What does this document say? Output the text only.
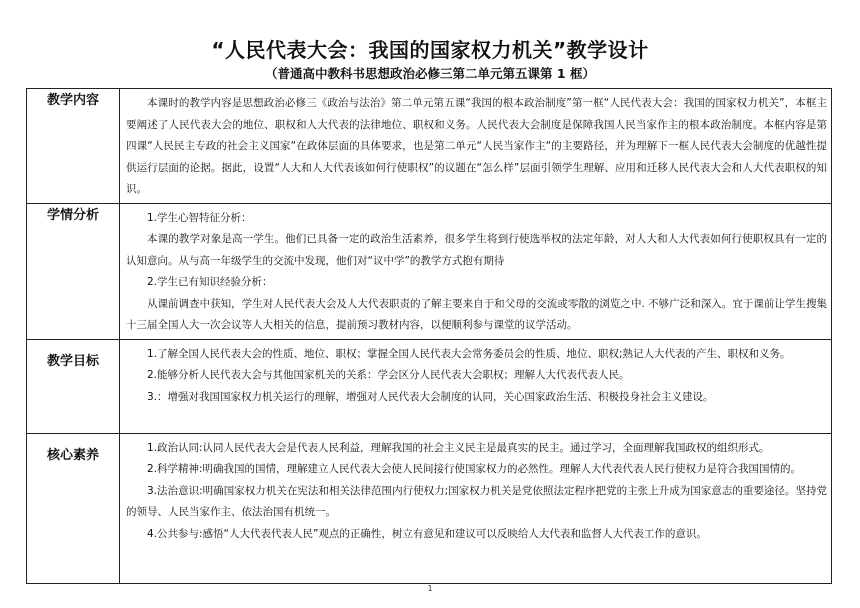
“人民代表大会：我国的国家权力机关”教学设计
（普通高中教科书思想政治必修三第二单元第五课第 1 框）
教学内容	本课时的教学内容是思想政治必修三《政治与法治》第二单元第五课“我国的根本政治制度”第一框“人民代表大会：我国的国家权力机关”，本框主要阐述了人民代表大会的地位、职权和人大代表的法律地位、职权和义务。人民代表大会制度是保障我国人民当家作主的根本政治制度。本框内容是第四课“人民民主专政的社会主义国家“在政体层面的具体要求，也是第二单元“人民当家作主“的主要路径，并为理解下一框人民代表大会制度的优越性提供运行层面的论据。据此，设置“人大和人大代表该如何行使职权”的议题在“怎么样”层面引领学生理解、应用和迁移人民代表大会和人大代表职权的知识。

学情分析	1.学生心智特征分析：

本课的教学对象是高一学生。他们已具备一定的政治生活素养，很多学生将到行使选举权的法定年龄，对人大和人大代表如何行使职权具有一定的认知意向。从与高一年级学生的交流中发现，他们对“议中学”的教学方式抱有期待

2.学生已有知识经验分析：

从课前调查中获知，学生对人民代表大会及人大代表职责的了解主要来自于和父母的交流或零散的浏览之中. 不够广泛和深入。宜于课前让学生搜集十三届全国人大一次会议等人大相关的信息，提前预习教材内容，以便顺利参与课堂的议学活动。

教学目标	1.了解全国人民代表大会的性质、地位、职权；掌握全国人民代表大会常务委员会的性质、地位、职权;熟记人大代表的产生、职权和义务。

2.能够分析人民代表大会与其他国家机关的关系：学会区分人民代表大会职权；理解人大代表代表人民。

3.：增强对我国国家权力机关运行的理解，增强对人民代表大会制度的认同，关心国家政治生活、积极投身社会主义建设。

核心素养	1.政治认同:认同人民代表大会是代表人民利益，理解我国的社会主义民主是最真实的民主。通过学习，全面理解我国政权的组织形式。

2.科学精神:明确我国的国情，理解建立人民代表大会使人民间接行使国家权力的必然性。理解人大代表代表人民行使权力是符合我国国情的。

3.法治意识:明确国家权力机关在宪法和相关法律范围内行使权力;国家权力机关是党依照法定程序把党的主张上升成为国家意志的重要途径。坚持党的领导、人民当家作主、依法治国有机统一。

4.公共参与:感悟“人大代表代表人民”观点的正确性，树立有意见和建议可以反映给人大代表和监督人大代表工作的意识。

1
